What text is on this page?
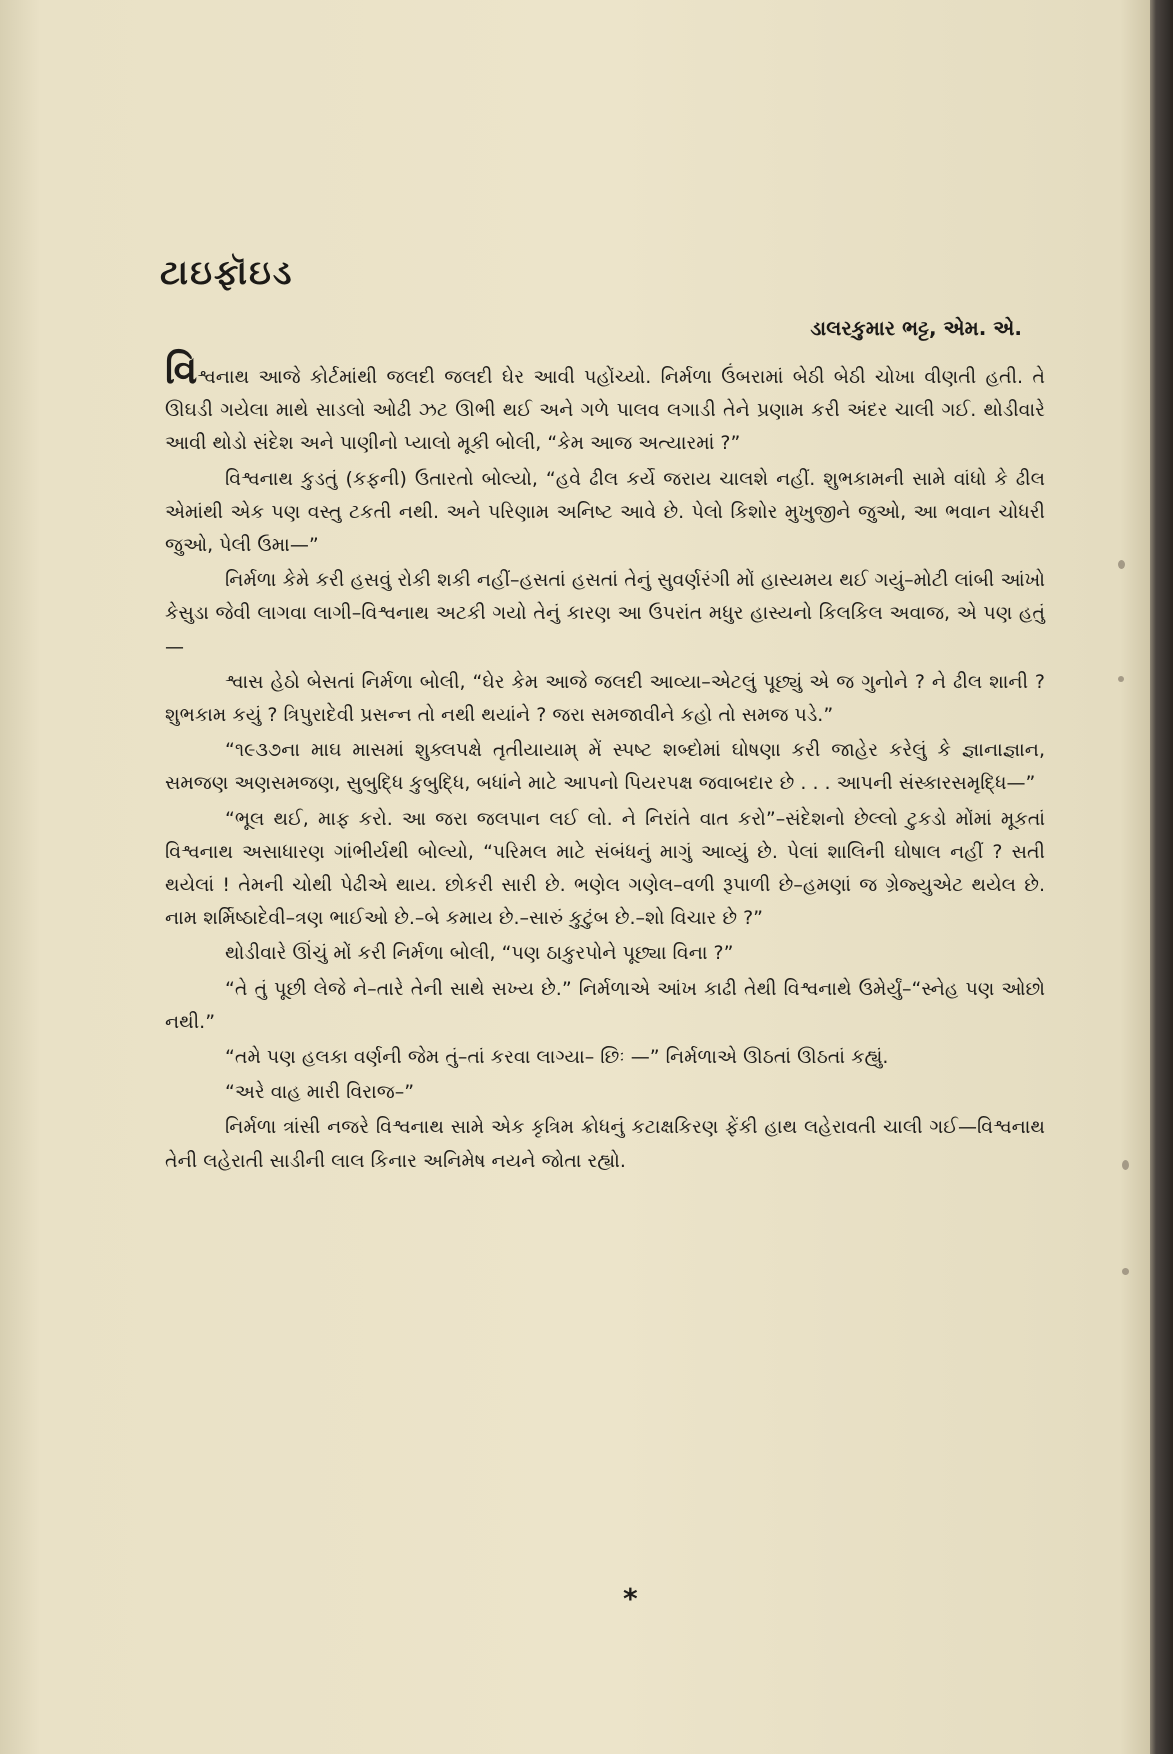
ટાઇફૉઇડ
ડાલરકુમાર ભટ્ટ, એમ. એ.

વિશ્વનાથ આજે કોર્ટમાંથી જલદી જલદી ઘેર આવી પહોંચ્યો. નિર્મળા ઉંબરામાં બેઠી બેઠી ચોખા વીણતી હતી. તે ઊઘડી ગયેલા માથે સાડલો ઓઢી ઝટ ઊભી થઈ અને ગળે પાલવ લગાડી તેને પ્રણામ કરી અંદર ચાલી ગઈ. થોડીવારે આવી થોડો સંદેશ અને પાણીનો પ્યાલો મૂકી બોલી, “કેમ આજ અત્યારમાં ?”

વિશ્વનાથ કુડતું (કફની) ઉતારતો બોલ્યો, “હવે ઢીલ કર્યે જરાય ચાલશે નહીં. શુભકામની સામે વાંધો કે ઢીલ એમાંથી એક પણ વસ્તુ ટકતી નથી. અને પરિણામ અનિષ્ટ આવે છે. પેલો કિશોર મુખુજીને જુઓ, આ ભવાન ચોધરી જુઓ, પેલી ઉમા—”

નિર્મળા કેમે કરી હસવું રોકી શકી નહીં–હસતાં હસતાં તેનું સુવર્ણરંગી મોં હાસ્યમય થઈ ગયું–મોટી લાંબી આંખો કેસુડા જેવી લાગવા લાગી–વિશ્વનાથ અટકી ગયો તેનું કારણ આ ઉપરાંત મધુર હાસ્યનો કિલકિલ અવાજ, એ પણ હતું—

શ્વાસ હેઠો બેસતાં નિર્મળા બોલી, “ઘેર કેમ આજે જલદી આવ્યા–એટલું પૂછ્યું એ જ ગુનોને ? ને ઢીલ શાની ? શુભકામ કયું ? ત્રિપુરાદેવી પ્રસન્ન તો નથી થયાંને ? જરા સમજાવીને કહો તો સમજ પડે.”

“૧૯૩૭ના માઘ માસમાં શુક્લપક્ષે તૃતીયાયામ્ મેં સ્પષ્ટ શબ્દોમાં ઘોષણા કરી જાહેર કરેલું કે જ્ઞાનાજ્ઞાન, સમજણ અણસમજણ, સુબુદ્ધિ કુબુદ્ધિ, બધાંને માટે આપનો પિયરપક્ષ જવાબદાર છે . . . આપની સંસ્કારસમૃદ્ધિ—”

“ભૂલ થઈ, માફ કરો. આ જરા જલપાન લઈ લો. ને નિરાંતે વાત કરો”–સંદેશનો છેલ્લો ટુકડો મોંમાં મૂકતાં વિશ્વનાથ અસાધારણ ગાંભીર્યથી બોલ્યો, “પરિમલ માટે સંબંધનું માગું આવ્યું છે. પેલાં શાલિની ઘોષાલ નહીં ? સતી થયેલાં ! તેમની ચોથી પેઢીએ થાય. છોકરી સારી છે. ભણેલ ગણેલ–વળી રૂપાળી છે–હમણાં જ ગ્રેજ્યુએટ થયેલ છે. નામ શર્મિષ્ઠાદેવી–ત્રણ ભાઈઓ છે.–બે કમાય છે.–સારું કુટુંબ છે.–શો વિચાર છે ?”

થોડીવારે ઊંચું મોં કરી નિર્મળા બોલી, “પણ ઠાકુરપોને પૂછ્યા વિના ?”

“તે તું પૂછી લેજે ને–તારે તેની સાથે સખ્ય છે.” નિર્મળાએ આંખ કાઢી તેથી વિશ્વનાથે ઉમેર્યું–“સ્નેહ પણ ઓછો નથી.”

“તમે પણ હલકા વર્ણની જેમ તું–તાં કરવા લાગ્યા– છિઃ —” નિર્મળાએ ઊઠતાં ઊઠતાં કહ્યું.

“અરે વાહ મારી વિરાજ–”

નિર્મળા ત્રાંસી નજરે વિશ્વનાથ સામે એક કૃત્રિમ ક્રોધનું કટાક્ષકિરણ ફેંકી હાથ લહેરાવતી ચાલી ગઈ—વિશ્વનાથ તેની લહેરાતી સાડીની લાલ કિનાર અનિમેષ નયને જોતા રહ્યો.

*
